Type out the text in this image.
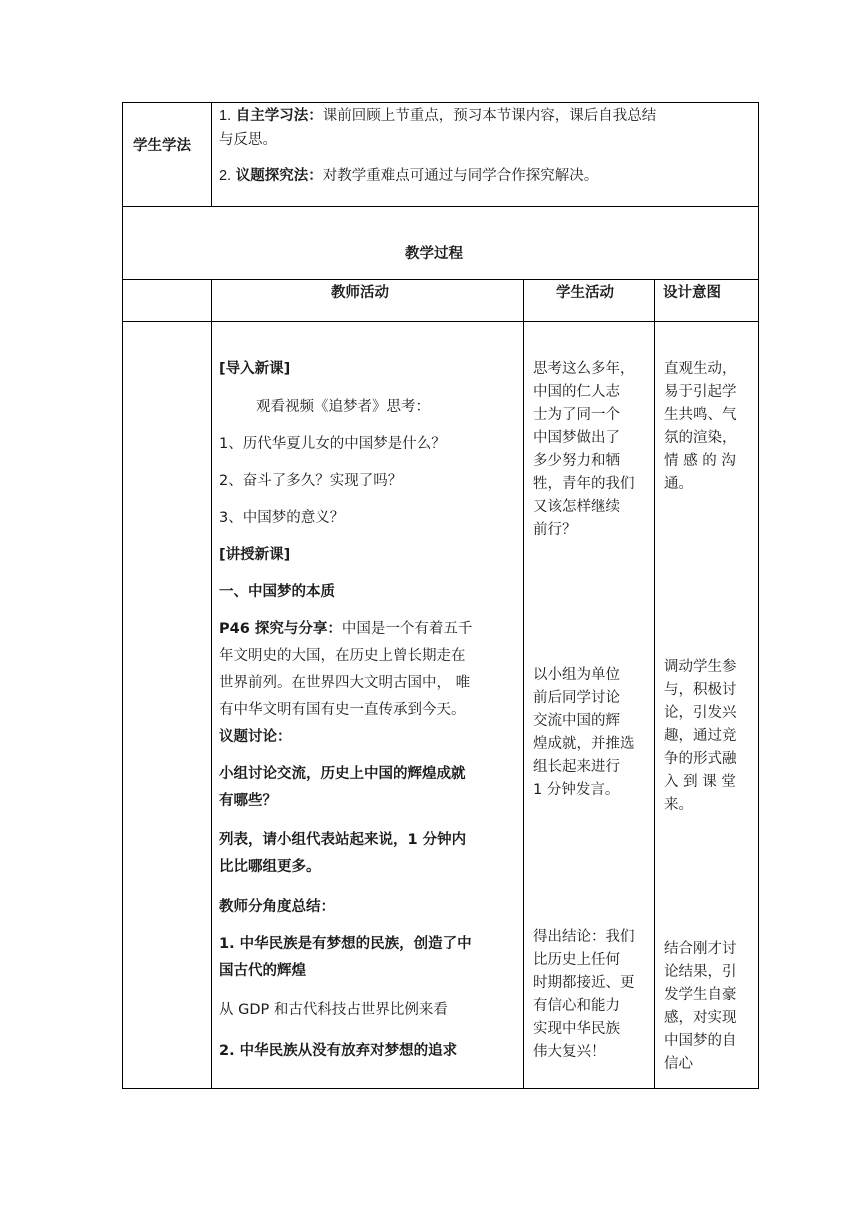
学生学法
1. 自主学习法：课前回顾上节重点，预习本节课内容，课后自我总结
与反思。
2. 议题探究法：对教学重难点可通过与同学合作探究解决。
教学过程
教师活动	学生活动	设计意图
[导入新课]
观看视频《追梦者》思考：
1、历代华夏儿女的中国梦是什么？
2、奋斗了多久？实现了吗？
3、中国梦的意义？
[讲授新课]
一、中国梦的本质
P46 探究与分享：中国是一个有着五千
年文明史的大国，在历史上曾长期走在
世界前列。在世界四大文明古国中， 唯
有中华文明有国有史一直传承到今天。
议题讨论：
小组讨论交流，历史上中国的辉煌成就
有哪些？
列表，请小组代表站起来说，1 分钟内
比比哪组更多。
教师分角度总结：
1. 中华民族是有梦想的民族，创造了中
国古代的辉煌
从 GDP 和古代科技占世界比例来看
2. 中华民族从没有放弃对梦想的追求
思考这么多年，
中国的仁人志
士为了同一个
中国梦做出了
多少努力和牺
牲，青年的我们
又该怎样继续
前行？
以小组为单位
前后同学讨论
交流中国的辉
煌成就，并推选
组长起来进行
1 分钟发言。
得出结论：我们
比历史上任何
时期都接近、更
有信心和能力
实现中华民族
伟大复兴！
直观生动，
易于引起学
生共鸣、气
氛的渲染，
情 感 的 沟
通。
调动学生参
与，积极讨
论，引发兴
趣，通过竞
争的形式融
入 到 课 堂
来。
结合刚才讨
论结果，引
发学生自豪
感，对实现
中国梦的自
信心
